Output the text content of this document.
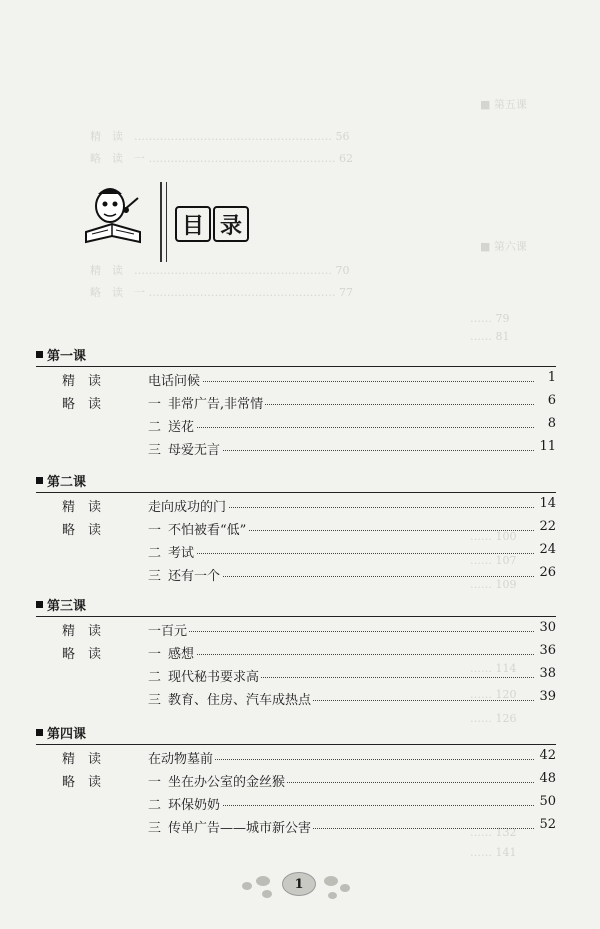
■ 第五课
精　读　……………………………………………… 56
略　读　一 …………………………………………… 62
■ 第六课
精　读　……………………………………………… 70
略　读　一 …………………………………………… 77
…… 79
…… 81
…… 100
…… 107
…… 109
…… 114
…… 120
…… 126
…… 132
…… 141
目 录
第一课
精　读	电话问候	1
略　读	一 非常广告,非常情	6
二 送花	8
三 母爱无言	11
第二课
精　读	走向成功的门	14
略　读	一 不怕被看“低”	22
二 考试	24
三 还有一个	26
第三课
精　读	一百元	30
略　读	一 感想	36
二 现代秘书要求高	38
三 教育、住房、汽车成热点	39
第四课
精　读	在动物墓前	42
略　读	一 坐在办公室的金丝猴	48
二 环保奶奶	50
三 传单广告——城市新公害	52
1
